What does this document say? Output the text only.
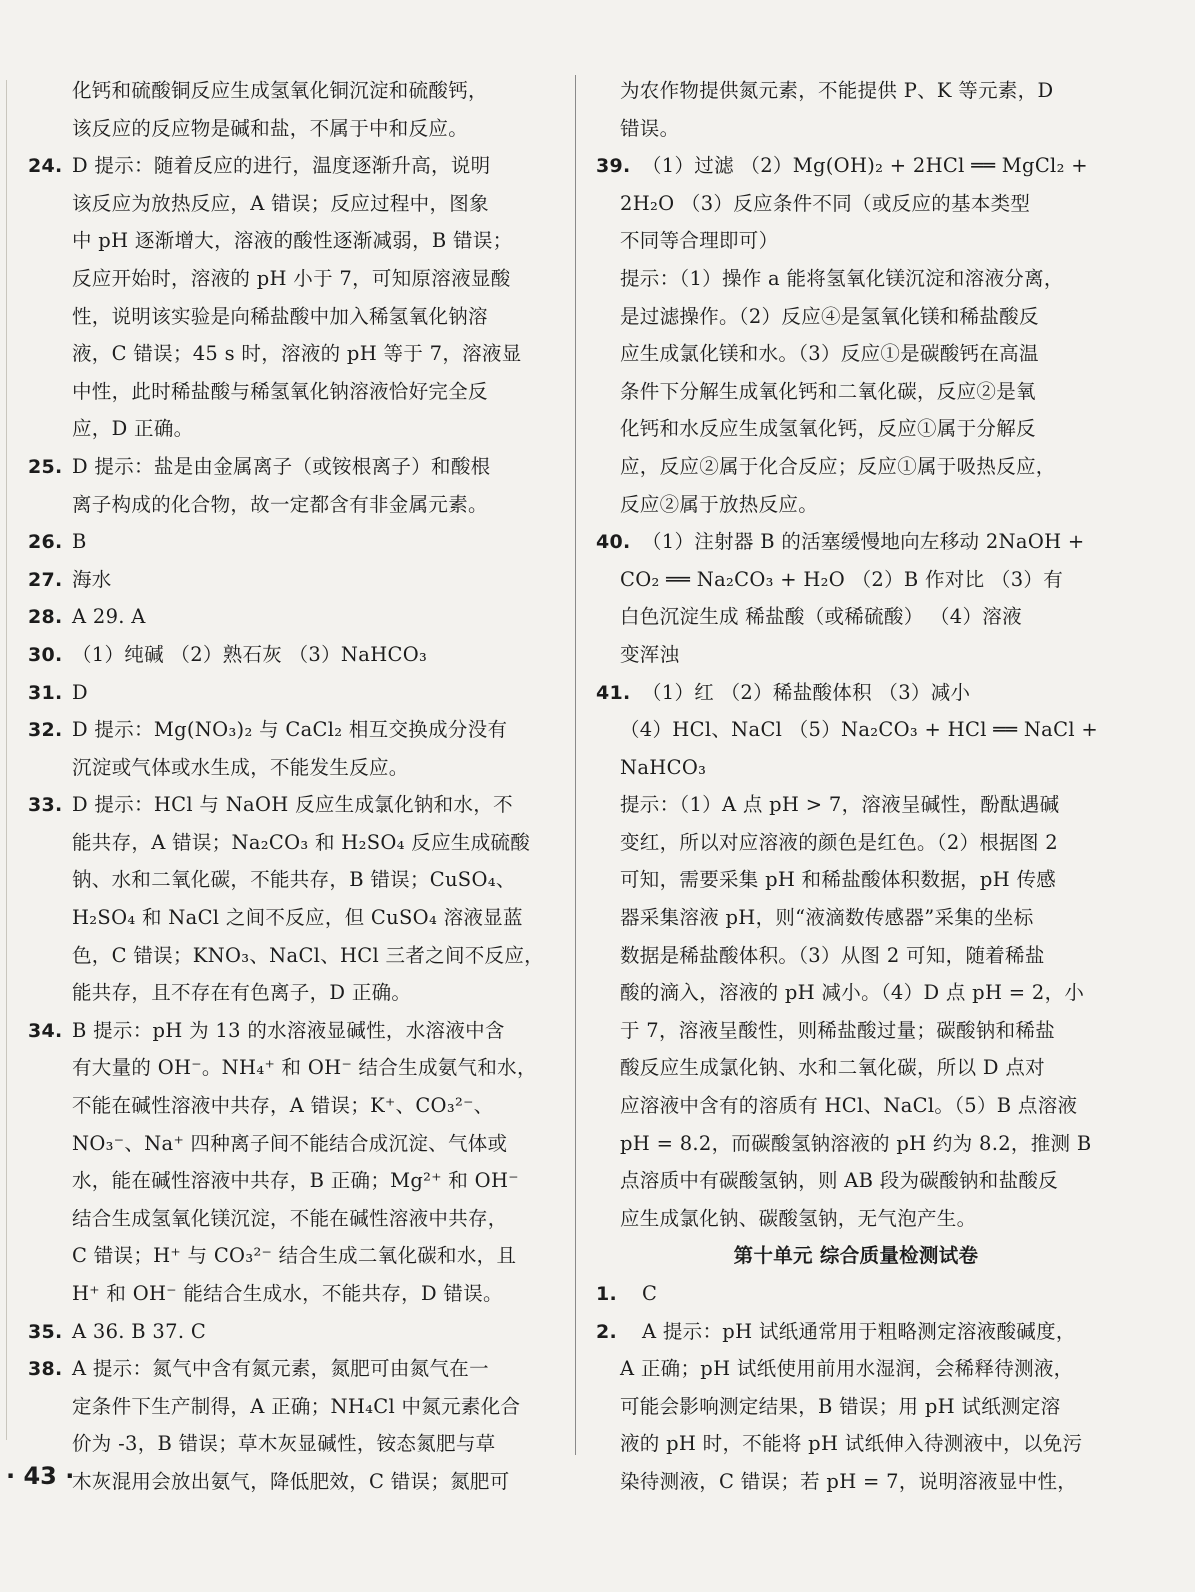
化钙和硫酸铜反应生成氢氧化铜沉淀和硫酸钙，
该反应的反应物是碱和盐，不属于中和反应。
24. D 提示：随着反应的进行，温度逐渐升高，说明
该反应为放热反应，A 错误；反应过程中，图象
中 pH 逐渐增大，溶液的酸性逐渐减弱，B 错误；
反应开始时，溶液的 pH 小于 7，可知原溶液显酸
性，说明该实验是向稀盐酸中加入稀氢氧化钠溶
液，C 错误；45 s 时，溶液的 pH 等于 7，溶液显
中性，此时稀盐酸与稀氢氧化钠溶液恰好完全反
应，D 正确。
25. D 提示：盐是由金属离子（或铵根离子）和酸根
离子构成的化合物，故一定都含有非金属元素。
26. B
27. 海水
28. A 29. A
30. （1）纯碱 （2）熟石灰 （3）NaHCO₃
31. D
32. D 提示：Mg(NO₃)₂ 与 CaCl₂ 相互交换成分没有
沉淀或气体或水生成，不能发生反应。
33. D 提示：HCl 与 NaOH 反应生成氯化钠和水，不
能共存，A 错误；Na₂CO₃ 和 H₂SO₄ 反应生成硫酸
钠、水和二氧化碳，不能共存，B 错误；CuSO₄、
H₂SO₄ 和 NaCl 之间不反应，但 CuSO₄ 溶液显蓝
色，C 错误；KNO₃、NaCl、HCl 三者之间不反应，
能共存，且不存在有色离子，D 正确。
34. B 提示：pH 为 13 的水溶液显碱性，水溶液中含
有大量的 OH⁻。NH₄⁺ 和 OH⁻ 结合生成氨气和水，
不能在碱性溶液中共存，A 错误；K⁺、CO₃²⁻、
NO₃⁻、Na⁺ 四种离子间不能结合成沉淀、气体或
水，能在碱性溶液中共存，B 正确；Mg²⁺ 和 OH⁻
结合生成氢氧化镁沉淀，不能在碱性溶液中共存，
C 错误；H⁺ 与 CO₃²⁻ 结合生成二氧化碳和水，且
H⁺ 和 OH⁻ 能结合生成水，不能共存，D 错误。
35. A 36. B 37. C
38. A 提示：氮气中含有氮元素，氮肥可由氮气在一
定条件下生产制得，A 正确；NH₄Cl 中氮元素化合
价为 -3，B 错误；草木灰显碱性，铵态氮肥与草
木灰混用会放出氨气，降低肥效，C 错误；氮肥可
为农作物提供氮元素，不能提供 P、K 等元素，D
错误。
39. （1）过滤 （2）Mg(OH)₂ + 2HCl ══ MgCl₂ +
2H₂O （3）反应条件不同（或反应的基本类型
不同等合理即可）
提示：（1）操作 a 能将氢氧化镁沉淀和溶液分离，
是过滤操作。（2）反应④是氢氧化镁和稀盐酸反
应生成氯化镁和水。（3）反应①是碳酸钙在高温
条件下分解生成氧化钙和二氧化碳，反应②是氧
化钙和水反应生成氢氧化钙，反应①属于分解反
应，反应②属于化合反应；反应①属于吸热反应，
反应②属于放热反应。
40. （1）注射器 B 的活塞缓慢地向左移动 2NaOH +
CO₂ ══ Na₂CO₃ + H₂O （2）B 作对比 （3）有
白色沉淀生成 稀盐酸（或稀硫酸） （4）溶液
变浑浊
41. （1）红 （2）稀盐酸体积 （3）减小
（4）HCl、NaCl （5）Na₂CO₃ + HCl ══ NaCl +
NaHCO₃
提示：（1）A 点 pH > 7，溶液呈碱性，酚酞遇碱
变红，所以对应溶液的颜色是红色。（2）根据图 2
可知，需要采集 pH 和稀盐酸体积数据，pH 传感
器采集溶液 pH，则“液滴数传感器”采集的坐标
数据是稀盐酸体积。（3）从图 2 可知，随着稀盐
酸的滴入，溶液的 pH 减小。（4）D 点 pH = 2，小
于 7，溶液呈酸性，则稀盐酸过量；碳酸钠和稀盐
酸反应生成氯化钠、水和二氧化碳，所以 D 点对
应溶液中含有的溶质有 HCl、NaCl。（5）B 点溶液
pH = 8.2，而碳酸氢钠溶液的 pH 约为 8.2，推测 B
点溶质中有碳酸氢钠，则 AB 段为碳酸钠和盐酸反
应生成氯化钠、碳酸氢钠，无气泡产生。
第十单元 综合质量检测试卷
1. C
2. A 提示：pH 试纸通常用于粗略测定溶液酸碱度，
A 正确；pH 试纸使用前用水湿润，会稀释待测液，
可能会影响测定结果，B 错误；用 pH 试纸测定溶
液的 pH 时，不能将 pH 试纸伸入待测液中，以免污
染待测液，C 错误；若 pH = 7，说明溶液显中性，
· 43 ·
